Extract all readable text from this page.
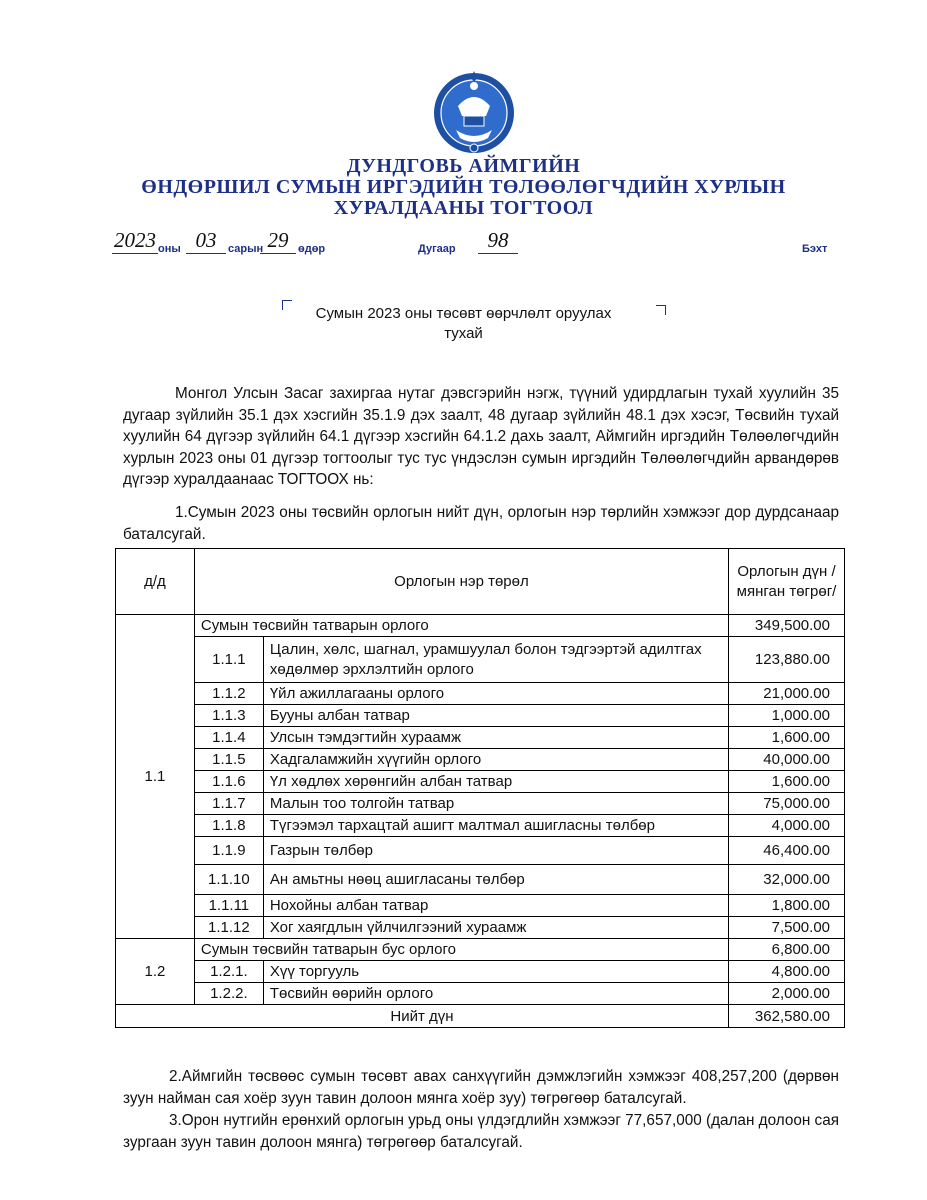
ДУНДГОВЬ АЙМГИЙН

ӨНДӨРШИЛ СУМЫН ИРГЭДИЙН ТӨЛӨӨЛӨГЧДИЙН ХУРЛЫН

ХУРАЛДААНЫ ТОГТООЛ

2023 оны 03	сарын 29 өдөр	Дугаар	98	Бэхт
Сумын 2023 оны төсөвт өөрчлөлт оруулах
тухай

Монгол Улсын Засаг захиргаа нутаг дэвсгэрийн нэгж, түүний удирдлагын тухай хуулийн 35 дугаар зүйлийн 35.1 дэх хэсгийн 35.1.9 дэх заалт, 48 дугаар зүйлийн 48.1 дэх хэсэг, Төсвийн тухай хуулийн 64 дүгээр зүйлийн 64.1 дүгээр хэсгийн 64.1.2 дахь заалт, Аймгийн иргэдийн Төлөөлөгчдийн хурлын 2023 оны 01 дүгээр тогтоолыг тус тус үндэслэн сумын иргэдийн Төлөөлөгчдийн арвандөрөв дүгээр хуралдаанаас ТОГТООХ нь:

1.Сумын 2023 оны төсвийн орлогын нийт дүн, орлогын нэр төрлийн хэмжээг дор дурдсанаар баталсугай.

д/д	Орлогын нэр төрөл		Орлогын дүн /мянган төгрөг/
1.1	Сумын төсвийн татварын орлого		349,500.00
	1.1.1	Цалин, хөлс, шагнал, урамшуулал болон тэдгээртэй адилтгах хөдөлмөр эрхлэлтийн орлого	123,880.00
	1.1.2	Үйл ажиллагааны орлого	21,000.00
	1.1.3	Бууны албан татвар	1,000.00
	1.1.4	Улсын тэмдэгтийн хураамж	1,600.00
	1.1.5	Хадгаламжийн хүүгийн орлого	40,000.00
	1.1.6	Үл хөдлөх хөрөнгийн албан татвар	1,600.00
	1.1.7	Малын тоо толгойн татвар	75,000.00
	1.1.8	Түгээмэл тархацтай ашигт малтмал ашигласны төлбөр	4,000.00
	1.1.9	Газрын төлбөр	46,400.00
	1.1.10	Ан амьтны нөөц ашигласаны төлбөр	32,000.00
	1.1.11	Нохойны албан татвар	1,800.00
	1.1.12	Хог хаягдлын үйлчилгээний хураамж	7,500.00
1.2	Сумын төсвийн татварын бус орлого		6,800.00
	1.2.1.	Хүү торгууль	4,800.00
	1.2.2.	Төсвийн өөрийн орлого	2,000.00
Нийт дүн			362,580.00

2.Аймгийн төсвөөс сумын төсөвт авах санхүүгийн дэмжлэгийн хэмжээг 408,257,200 (дөрвөн зуун найман сая хоёр зуун тавин долоон мянга хоёр зуу) төгрөгөөр баталсугай.

3.Орон нутгийн ерөнхий орлогын урьд оны үлдэгдлийн хэмжээг 77,657,000 (далан долоон сая зургаан зуун тавин долоон мянга) төгрөгөөр баталсугай.
